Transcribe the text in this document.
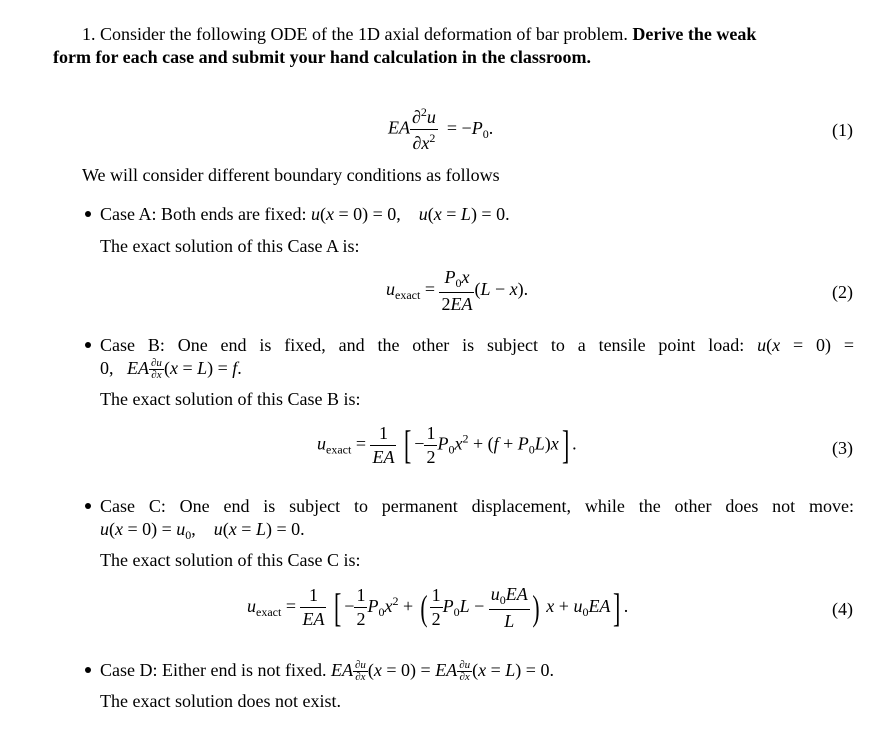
1. Consider the following ODE of the 1D axial deformation of bar problem. Derive the weak
form for each case and submit your hand calculation in the classroom.
EA $\frac{\partial^2u}{\partial x^2} = -P_0$.	(1)
We will consider different boundary conditions as follows
Case A: Both ends are fixed: u(x = 0) = 0,    u(x = L) = 0.
The exact solution of this Case A is:
$u_{exact} = \frac{P_0x}{2EA} (L - x)$.	(2)
Case B: One end is fixed, and the other is subject to a tensile point load: u(x = 0) =
0,   EA $\frac{\partial u}{\partial x} (x = L) = f$.
The exact solution of this Case B is:
$u_{exact} = \frac{1}{EA}$ [ − $\frac{1}{2} P_0x^2 + (f + P_0L)x$] .	(3)
Case C: One end is subject to permanent displacement, while the other does not move:
$u(x = 0) = u_0$,    u(x = L) = 0.
The exact solution of this Case C is:
$u_{exact} = \frac{1}{EA}$ [ − $\frac{1}{2} P_0x^2$ + ( $\frac{1}{2} P_0L - \frac{u_0EA}{L}$ ) $x + u_0EA$] .	(4)
Case D: Either end is not fixed. EA $\frac{\partial u}{\partial x} (x = 0)$ = EA $\frac{\partial u}{\partial x} (x = L) = 0$.
The exact solution does not exist.
